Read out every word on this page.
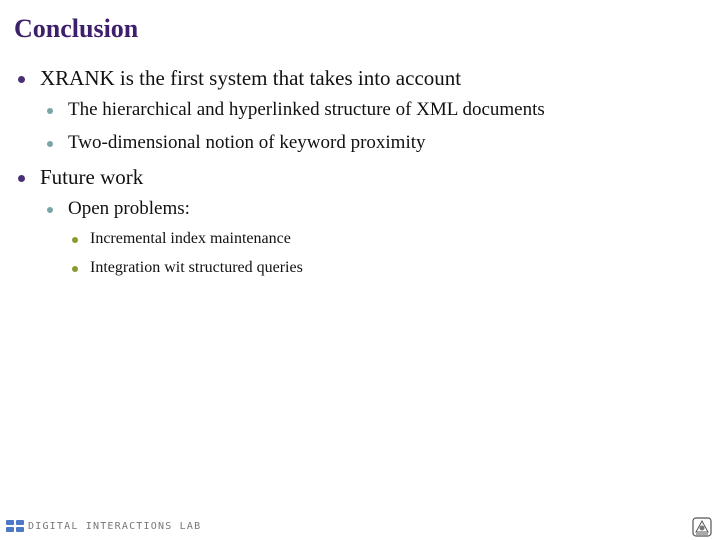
Conclusion
XRANK is the first system that takes into account
The hierarchical and hyperlinked structure of XML documents
Two-dimensional notion of keyword proximity
Future work
Open problems:
Incremental index maintenance
Integration wit structured queries
DIGITAL INTERACTIONS LAB
